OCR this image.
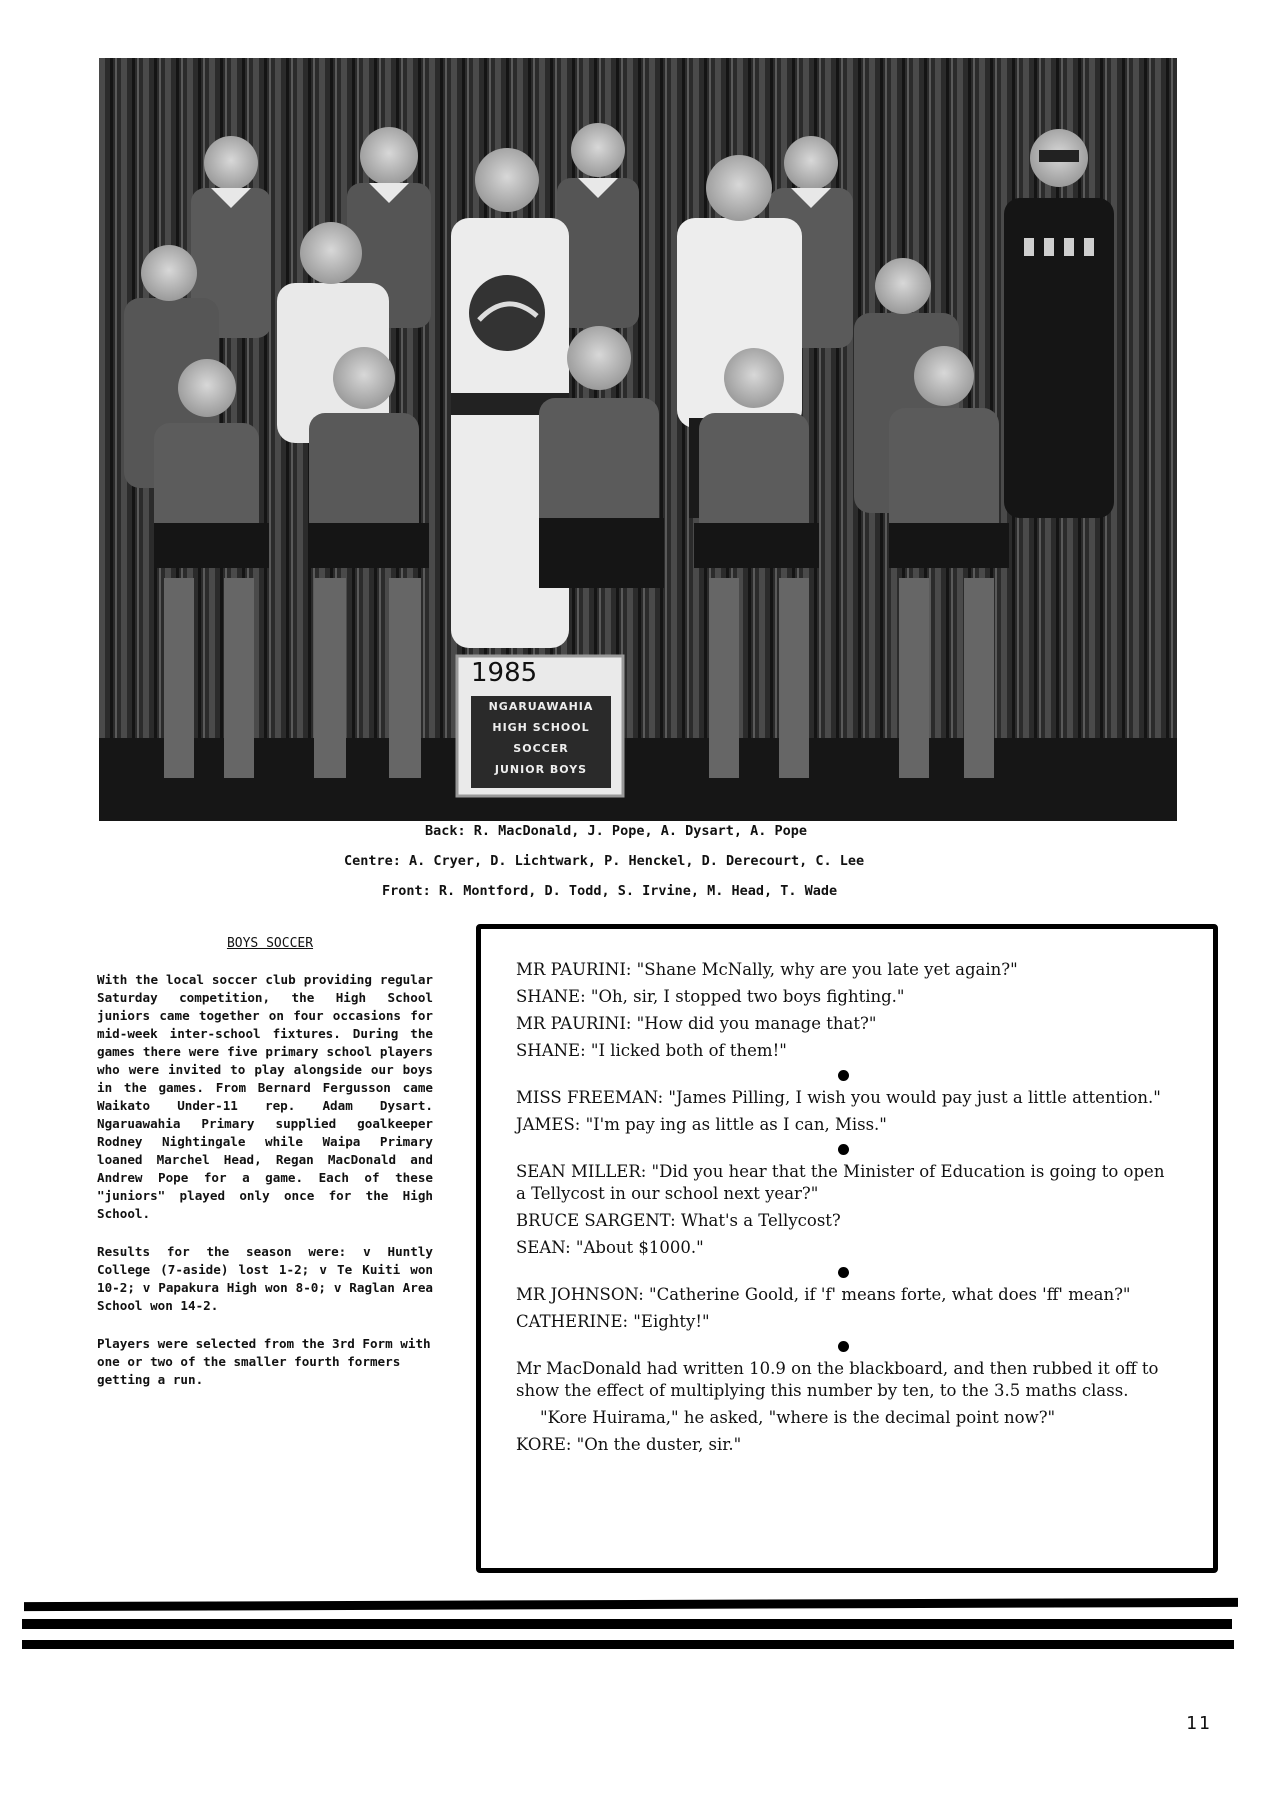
1985
NGARUAWAHIA
HIGH SCHOOL
SOCCER
JUNIOR BOYS
Back: R. MacDonald, J. Pope, A. Dysart, A. Pope
Centre: A. Cryer, D. Lichtwark, P. Henckel, D. Derecourt, C. Lee
Front: R. Montford, D. Todd, S. Irvine, M. Head, T. Wade
BOYS SOCCER

With the local soccer club providing regular Saturday competition, the High School juniors came together on four occasions for mid-week inter-school fixtures. During the games there were five primary school players who were invited to play alongside our boys in the games. From Bernard Fergusson came Waikato Under-11 rep. Adam Dysart. Ngaruawahia Primary supplied goalkeeper Rodney Nightingale while Waipa Primary loaned Marchel Head, Regan MacDonald and Andrew Pope for a game. Each of these "juniors" played only once for the High School.

Results for the season were: v Huntly College (7-aside) lost 1-2; v Te Kuiti won 10-2; v Papakura High won 8-0; v Raglan Area School won 14-2.

Players were selected from the 3rd Form with one or two of the smaller fourth formers getting a run.

MR PAURINI: "Shane McNally, why are you late yet again?"
SHANE: "Oh, sir, I stopped two boys fighting."
MR PAURINI: "How did you manage that?"
SHANE: "I licked both of them!"
MISS FREEMAN: "James Pilling, I wish you would pay just a little attention."
JAMES: "I'm pay ing as little as I can, Miss."
SEAN MILLER: "Did you hear that the Minister of Education is going to open a Tellycost in our school next year?"
BRUCE SARGENT: What's a Tellycost?
SEAN: "About $1000."
MR JOHNSON: "Catherine Goold, if 'f' means forte, what does 'ff' mean?"
CATHERINE: "Eighty!"
Mr MacDonald had written 10.9 on the blackboard, and then rubbed it off to show the effect of multiplying this number by ten, to the 3.5 maths class.
"Kore Huirama," he asked, "where is the decimal point now?"
KORE: "On the duster, sir."
11
